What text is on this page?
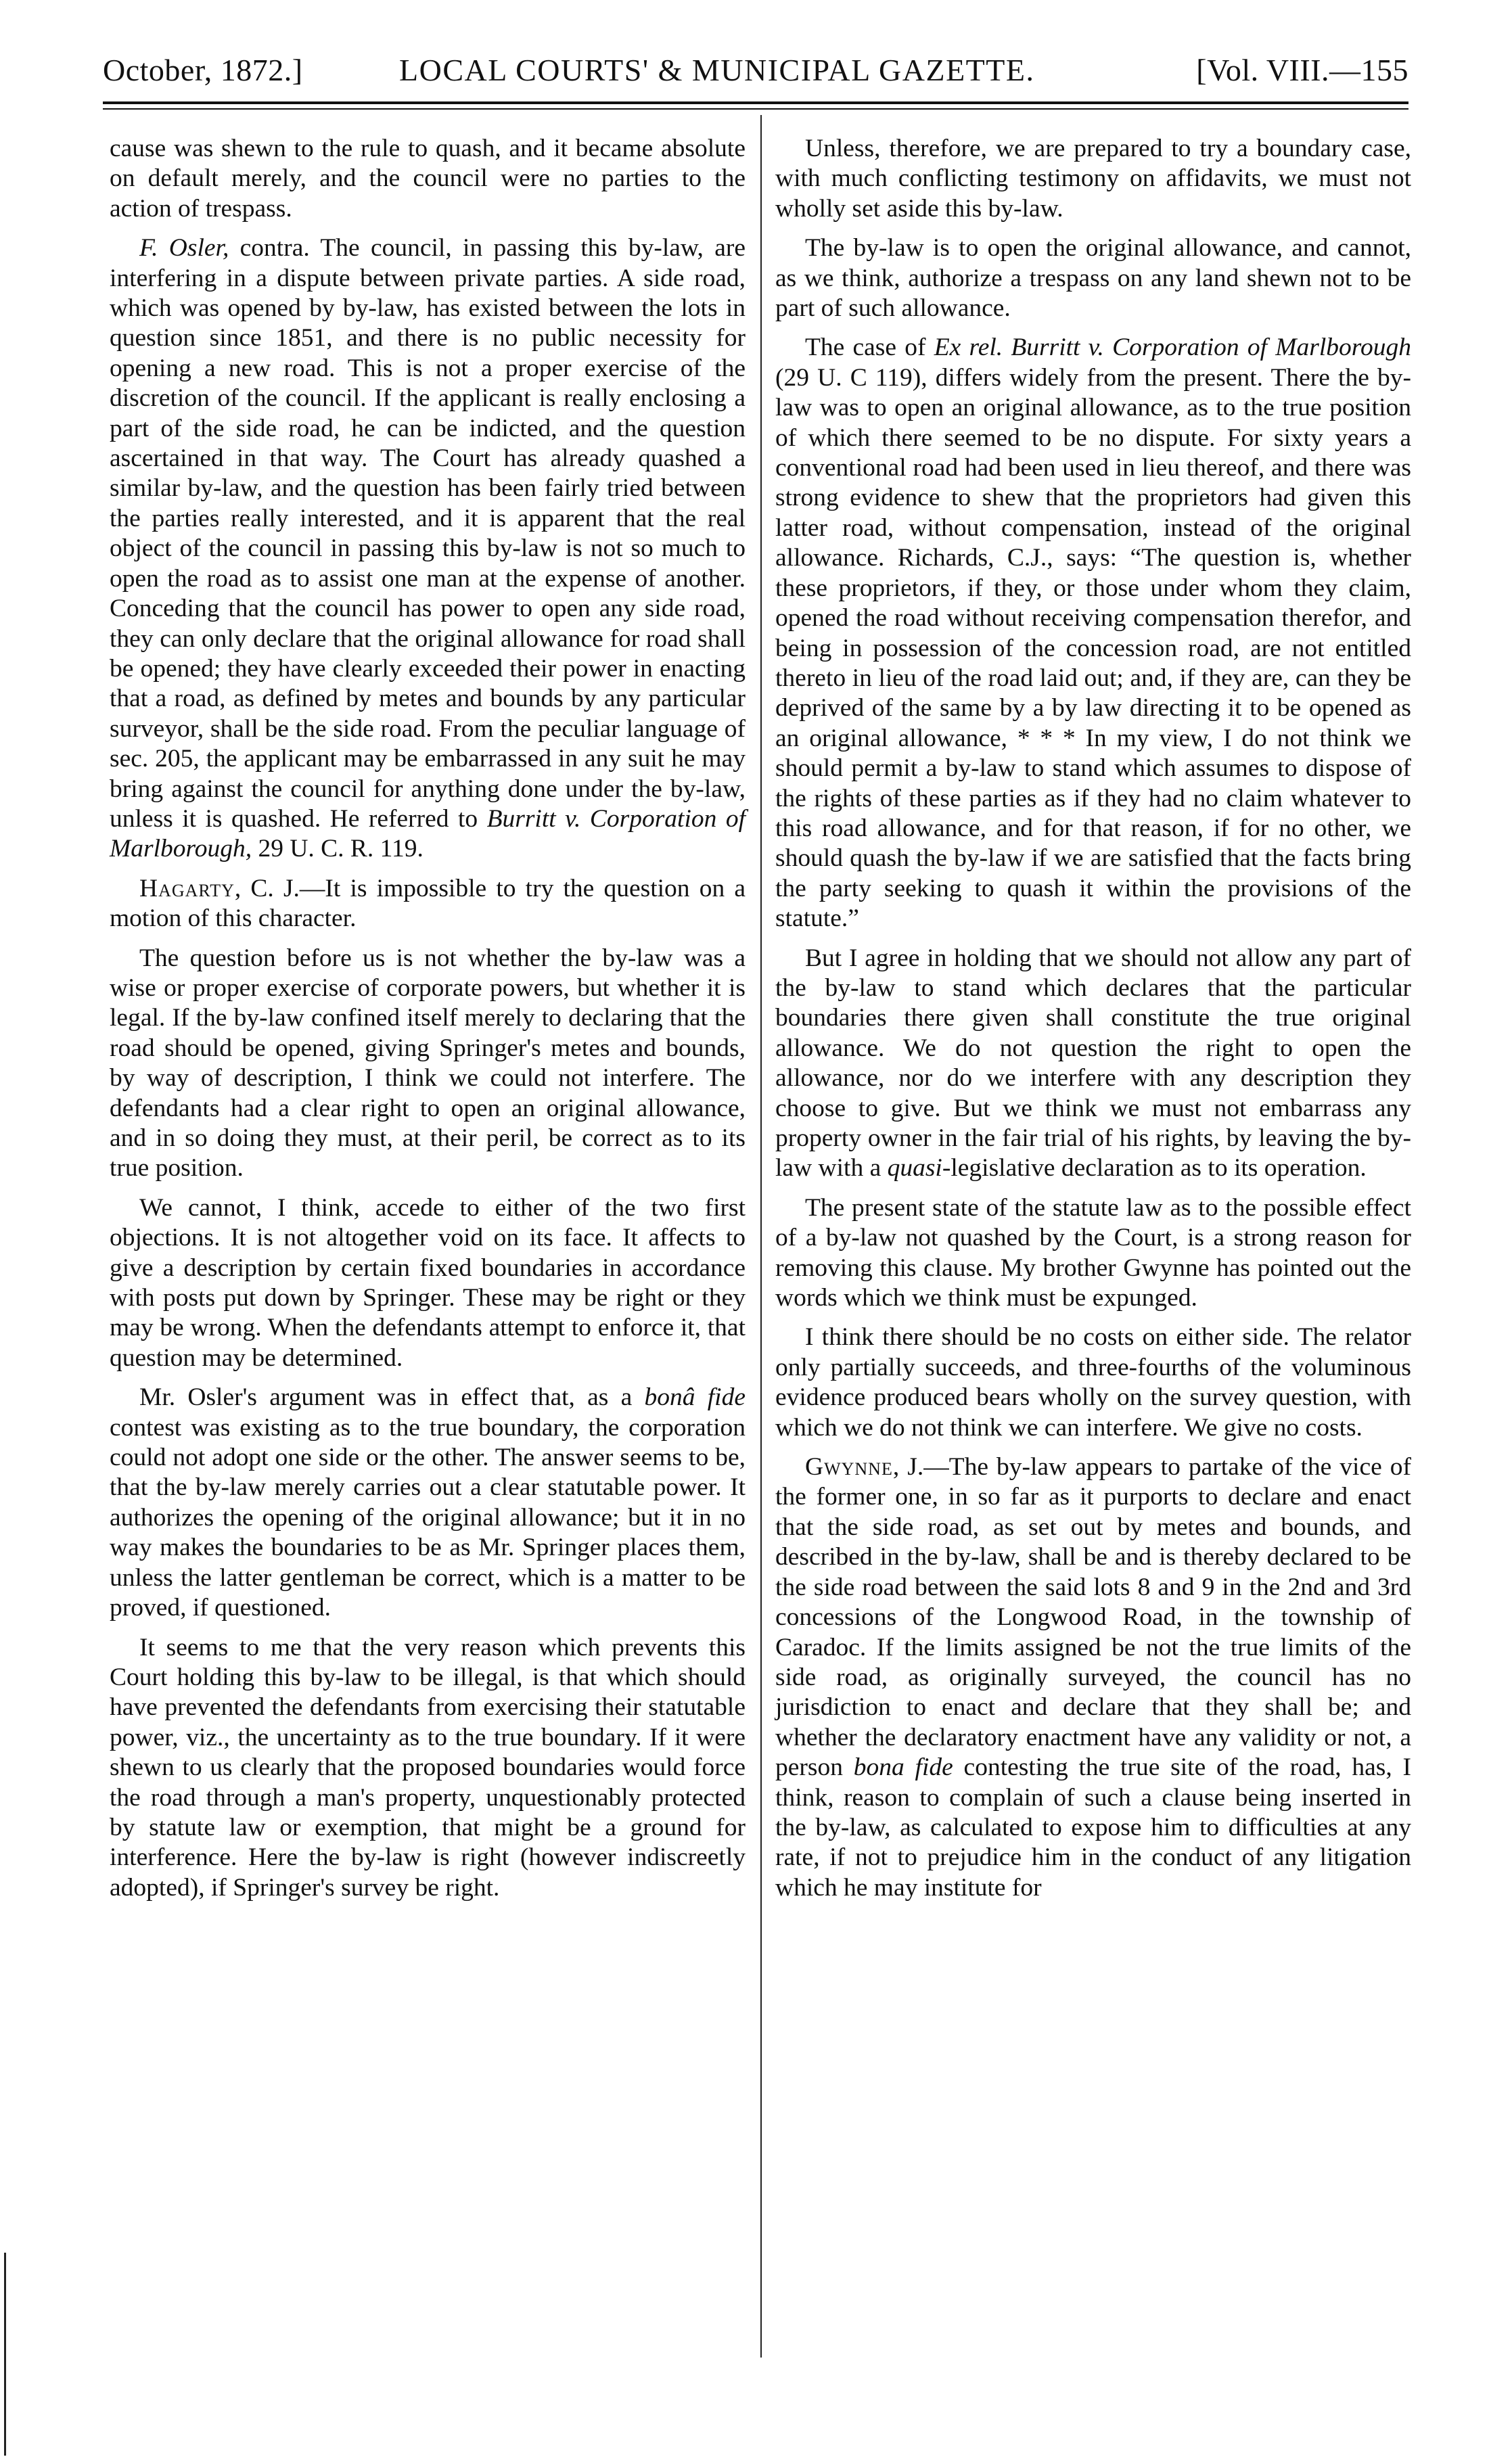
October, 1872.]	LOCAL COURTS' & MUNICIPAL GAZETTE.	[Vol. VIII.—155

cause was shewn to the rule to quash, and it became absolute on default merely, and the council were no parties to the action of trespass.

F. Osler, contra. The council, in passing this by-law, are interfering in a dispute between private parties. A side road, which was opened by by-law, has existed between the lots in question since 1851, and there is no public necessity for opening a new road. This is not a proper exercise of the discretion of the council. If the applicant is really enclosing a part of the side road, he can be indicted, and the question ascertained in that way. The Court has already quashed a similar by-law, and the question has been fairly tried between the parties really interested, and it is apparent that the real object of the council in passing this by-law is not so much to open the road as to assist one man at the expense of another. Conceding that the council has power to open any side road, they can only declare that the original allowance for road shall be opened; they have clearly exceeded their power in enacting that a road, as defined by metes and bounds by any particular surveyor, shall be the side road. From the peculiar language of sec. 205, the applicant may be embarrassed in any suit he may bring against the council for anything done under the by-law, unless it is quashed. He referred to Burritt v. Corporation of Marlborough, 29 U. C. R. 119.

Hagarty, C. J.—It is impossible to try the question on a motion of this character.

The question before us is not whether the by-law was a wise or proper exercise of corporate powers, but whether it is legal. If the by-law confined itself merely to declaring that the road should be opened, giving Springer's metes and bounds, by way of description, I think we could not interfere. The defendants had a clear right to open an original allowance, and in so doing they must, at their peril, be correct as to its true position.

We cannot, I think, accede to either of the two first objections. It is not altogether void on its face. It affects to give a description by certain fixed boundaries in accordance with posts put down by Springer. These may be right or they may be wrong. When the defendants attempt to enforce it, that question may be determined.

Mr. Osler's argument was in effect that, as a bonâ fide contest was existing as to the true boundary, the corporation could not adopt one side or the other. The answer seems to be, that the by-law merely carries out a clear statutable power. It authorizes the opening of the original allowance; but it in no way makes the boundaries to be as Mr. Springer places them, unless the latter gentleman be correct, which is a matter to be proved, if questioned.

It seems to me that the very reason which prevents this Court holding this by-law to be illegal, is that which should have prevented the defendants from exercising their statutable power, viz., the uncertainty as to the true boundary. If it were shewn to us clearly that the proposed boundaries would force the road through a man's property, unquestionably protected by statute law or exemption, that might be a ground for interference. Here the by-law is right (however indiscreetly adopted), if Springer's survey be right.

Unless, therefore, we are prepared to try a boundary case, with much conflicting testimony on affidavits, we must not wholly set aside this by-law.

The by-law is to open the original allowance, and cannot, as we think, authorize a trespass on any land shewn not to be part of such allowance.

The case of Ex rel. Burritt v. Corporation of Marlborough (29 U. C 119), differs widely from the present. There the by-law was to open an original allowance, as to the true position of which there seemed to be no dispute. For sixty years a conventional road had been used in lieu thereof, and there was strong evidence to shew that the proprietors had given this latter road, without compensation, instead of the original allowance. Richards, C.J., says: “The question is, whether these proprietors, if they, or those under whom they claim, opened the road without receiving compensation therefor, and being in possession of the concession road, are not entitled thereto in lieu of the road laid out; and, if they are, can they be deprived of the same by a by law directing it to be opened as an original allowance, * * * In my view, I do not think we should permit a by-law to stand which assumes to dispose of the rights of these parties as if they had no claim whatever to this road allowance, and for that reason, if for no other, we should quash the by-law if we are satisfied that the facts bring the party seeking to quash it within the provisions of the statute.”

But I agree in holding that we should not allow any part of the by-law to stand which declares that the particular boundaries there given shall constitute the true original allowance. We do not question the right to open the allowance, nor do we interfere with any description they choose to give. But we think we must not embarrass any property owner in the fair trial of his rights, by leaving the by-law with a quasi-legislative declaration as to its operation.

The present state of the statute law as to the possible effect of a by-law not quashed by the Court, is a strong reason for removing this clause. My brother Gwynne has pointed out the words which we think must be expunged.

I think there should be no costs on either side. The relator only partially succeeds, and three-fourths of the voluminous evidence produced bears wholly on the survey question, with which we do not think we can interfere. We give no costs.

Gwynne, J.—The by-law appears to partake of the vice of the former one, in so far as it purports to declare and enact that the side road, as set out by metes and bounds, and described in the by-law, shall be and is thereby declared to be the side road between the said lots 8 and 9 in the 2nd and 3rd concessions of the Longwood Road, in the township of Caradoc. If the limits assigned be not the true limits of the side road, as originally surveyed, the council has no jurisdiction to enact and declare that they shall be; and whether the declaratory enactment have any validity or not, a person bona fide contesting the true site of the road, has, I think, reason to complain of such a clause being inserted in the by-law, as calculated to expose him to difficulties at any rate, if not to prejudice him in the conduct of any litigation which he may institute for
